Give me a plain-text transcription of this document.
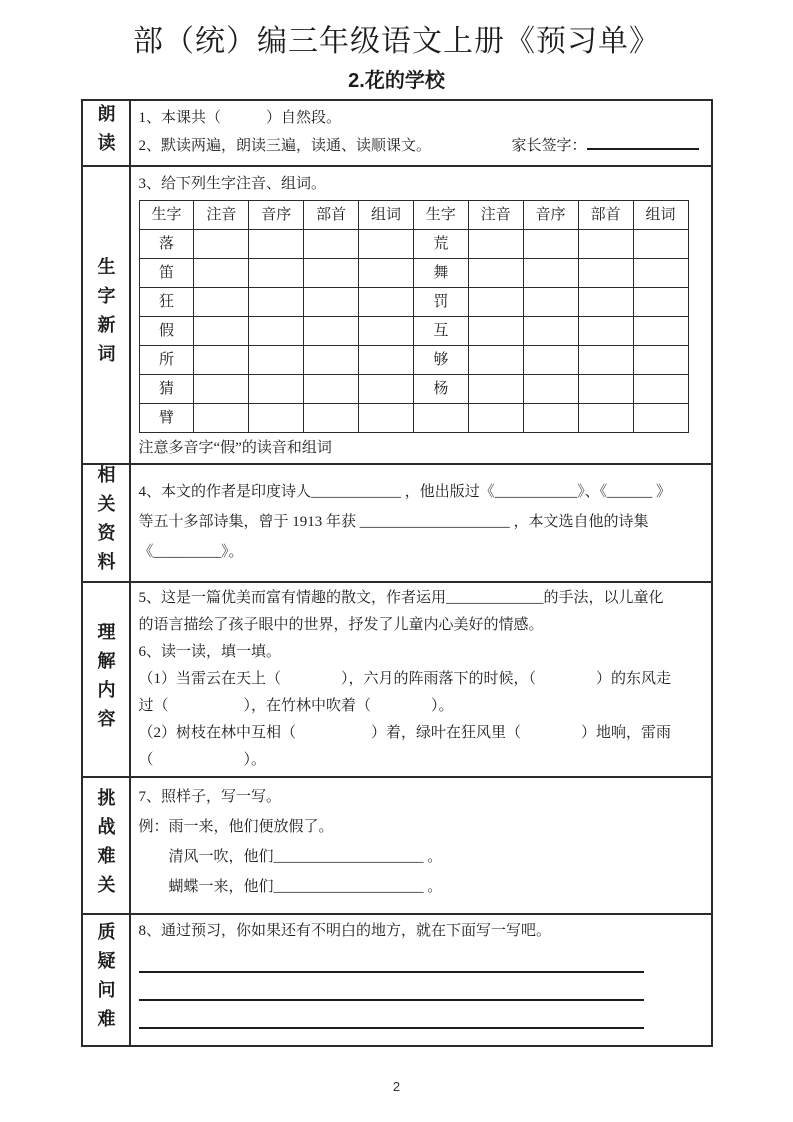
部（统）编三年级语文上册《预习单》
2.花的学校
朗读 1、本课共（　　　）自然段。
2、默读两遍，朗读三遍，读通、读顺课文。	家长签字：
生字新词
3、给下列生字注音、组词。
生字	注音	音序	部首	组词	生字	注音	音序	部首	组词
落					荒				
笛					舞				
狂					罚				
假					互				
所					够				
猜					杨				
臂									
注意多音字“假”的读音和组词
相关资料 4、本文的作者是印度诗人____________ ，他出版过《___________》、《______ 》
等五十多部诗集，曾于 1913 年获 ____________________ ，本文选自他的诗集
《_________》。
理解内容
5、这是一篇优美而富有情趣的散文，作者运用_____________的手法，以儿童化
的语言描绘了孩子眼中的世界，抒发了儿童内心美好的情感。
6、读一读，填一填。
（1）当雷云在天上（　　　　），六月的阵雨落下的时候，（　　　　）的东风走
过（　　　　　），在竹林中吹着（　　　　）。
（2）树枝在林中互相（　　　　　）着，绿叶在狂风里（　　　　）地响，雷雨
（　　　　　　）。
挑战难关 7、照样子，写一写。
例：雨一来，他们便放假了。
　　清风一吹，他们____________________ 。
　　蝴蝶一来，他们____________________ 。
质疑问难 8、通过预习，你如果还有不明白的地方，就在下面写一写吧。
2
